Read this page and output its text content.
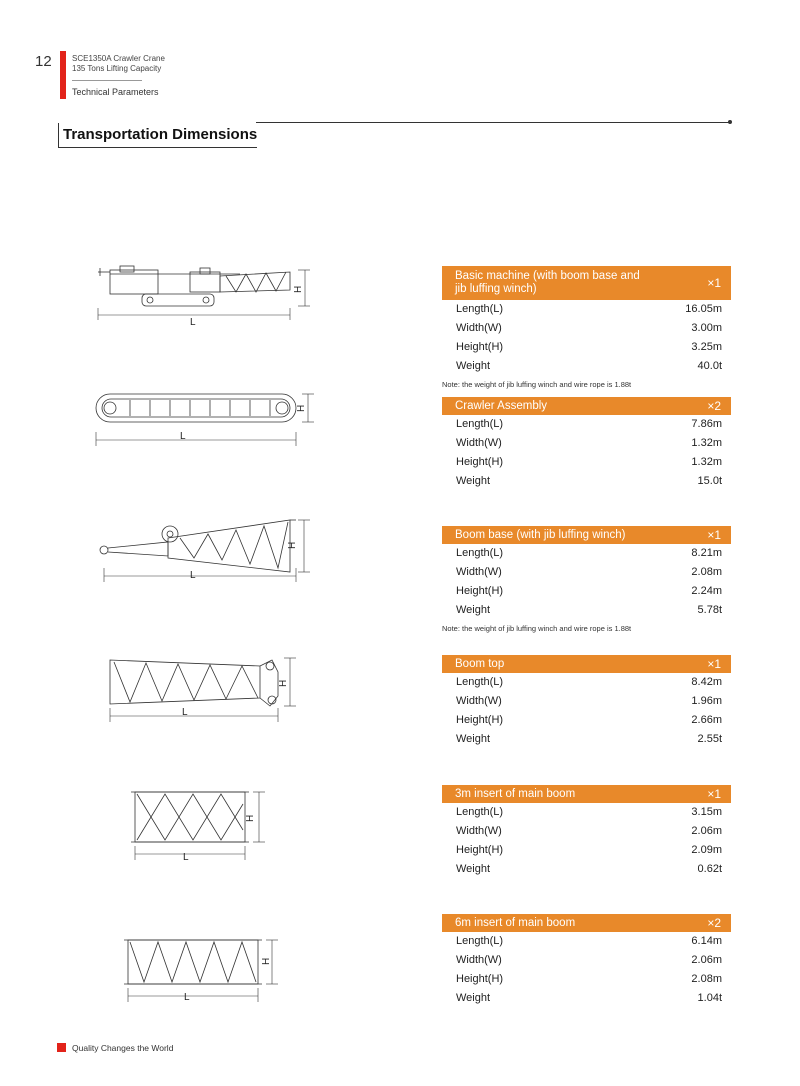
12	SCE1350A Crawler Crane
135 Tons Lifting Capacity
Technical Parameters
Transportation Dimensions
Basic machine (with boom base and jib luffing winch)	×1
Length(L)	16.05m
Width(W)	3.00m
Height(H)	3.25m
Weight	40.0t
Note: the weight of jib luffing winch and wire rope is 1.88t
Crawler Assembly	×2
Length(L)	7.86m
Width(W)	1.32m
Height(H)	1.32m
Weight	15.0t
Boom base (with jib luffing winch)	×1
Length(L)	8.21m
Width(W)	2.08m
Height(H)	2.24m
Weight	5.78t
Note: the weight of jib luffing winch and wire rope is 1.88t
Boom top	×1
Length(L)	8.42m
Width(W)	1.96m
Height(H)	2.66m
Weight	2.55t
3m insert of main boom	×1
Length(L)	3.15m
Width(W)	2.06m
Height(H)	2.09m
Weight	0.62t
6m insert of main boom	×2
Length(L)	6.14m
Width(W)	2.06m
Height(H)	2.08m
Weight	1.04t
L
H
L
H
L
H
L
H
L
H
L
H
Quality Changes the World
